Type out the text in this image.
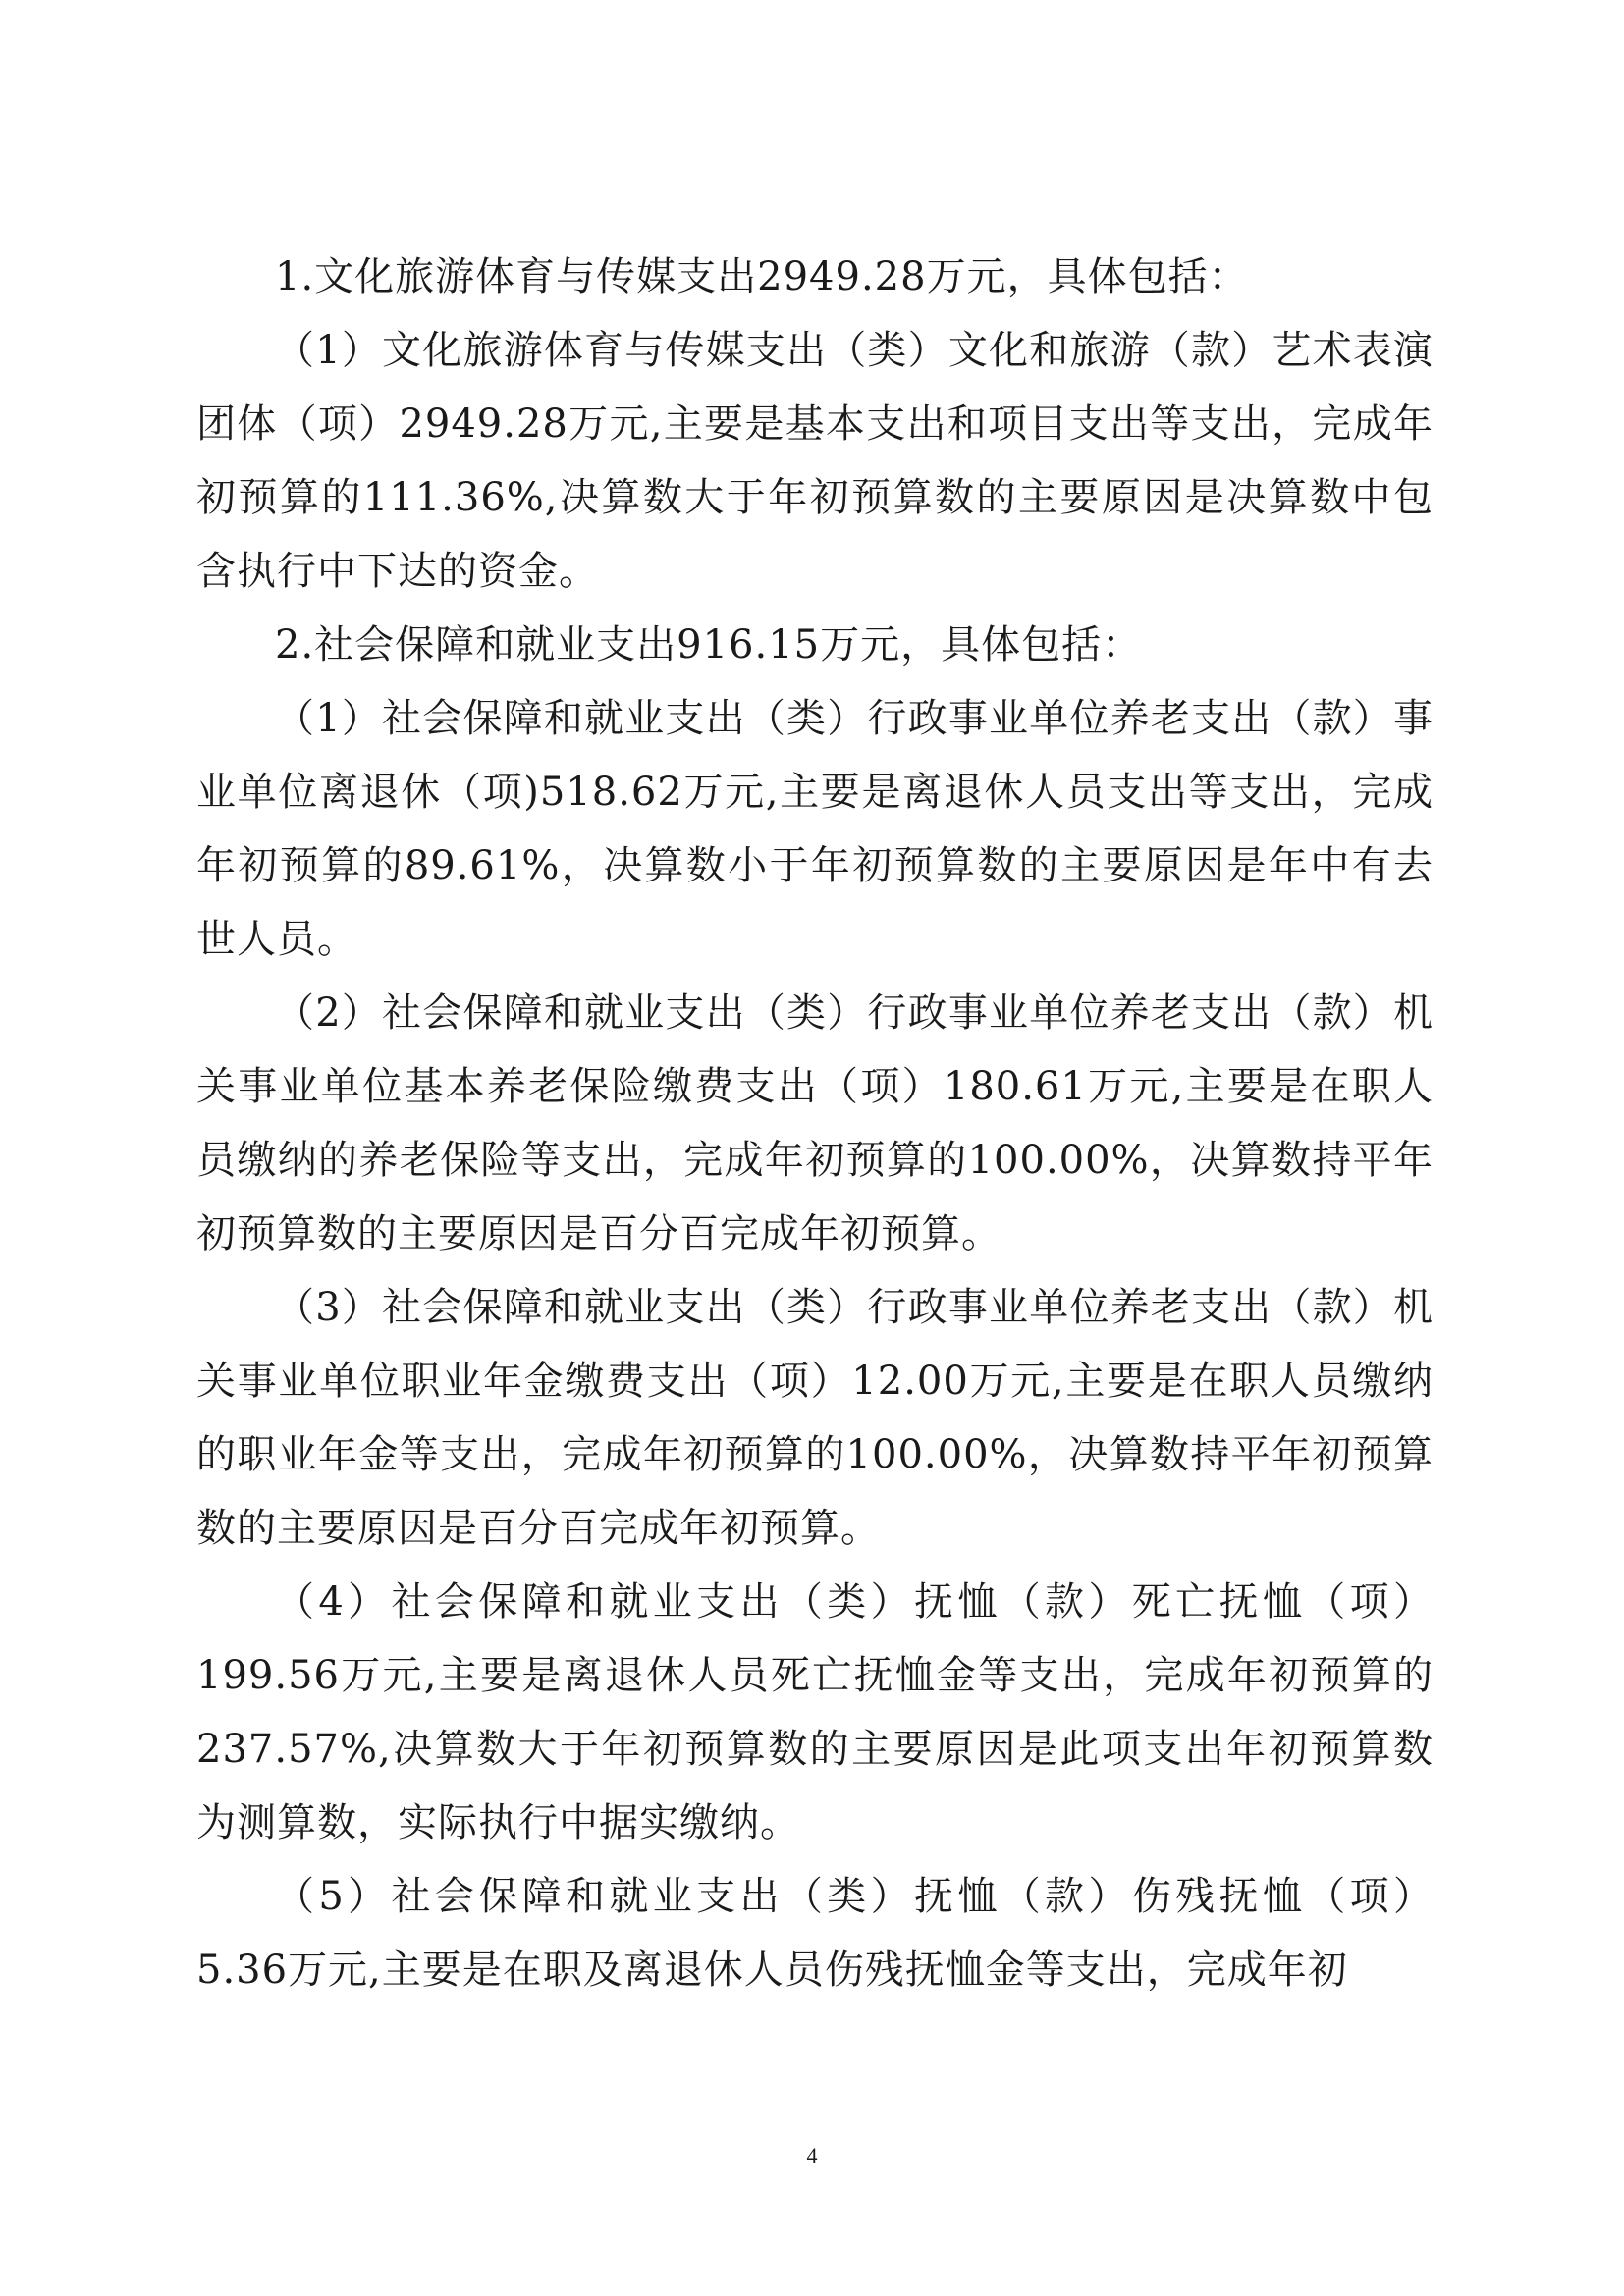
1.文化旅游体育与传媒支出2949.28万元，具体包括：

（1）文化旅游体育与传媒支出（类）文化和旅游（款）艺术表演团体（项）2949.28万元,主要是基本支出和项目支出等支出，完成年初预算的111.36%,决算数大于年初预算数的主要原因是决算数中包含执行中下达的资金。

2.社会保障和就业支出916.15万元，具体包括：

（1）社会保障和就业支出（类）行政事业单位养老支出（款）事业单位离退休（项)518.62万元,主要是离退休人员支出等支出，完成年初预算的89.61%，决算数小于年初预算数的主要原因是年中有去世人员。

（2）社会保障和就业支出（类）行政事业单位养老支出（款）机关事业单位基本养老保险缴费支出（项）180.61万元,主要是在职人员缴纳的养老保险等支出，完成年初预算的100.00%，决算数持平年初预算数的主要原因是百分百完成年初预算。

（3）社会保障和就业支出（类）行政事业单位养老支出（款）机关事业单位职业年金缴费支出（项）12.00万元,主要是在职人员缴纳的职业年金等支出，完成年初预算的100.00%，决算数持平年初预算数的主要原因是百分百完成年初预算。

（4）社会保障和就业支出（类）抚恤（款）死亡抚恤（项）199.56万元,主要是离退休人员死亡抚恤金等支出，完成年初预算的237.57%,决算数大于年初预算数的主要原因是此项支出年初预算数为测算数，实际执行中据实缴纳。

（5）社会保障和就业支出（类）抚恤（款）伤残抚恤（项）5.36万元,主要是在职及离退休人员伤残抚恤金等支出，完成年初

4
